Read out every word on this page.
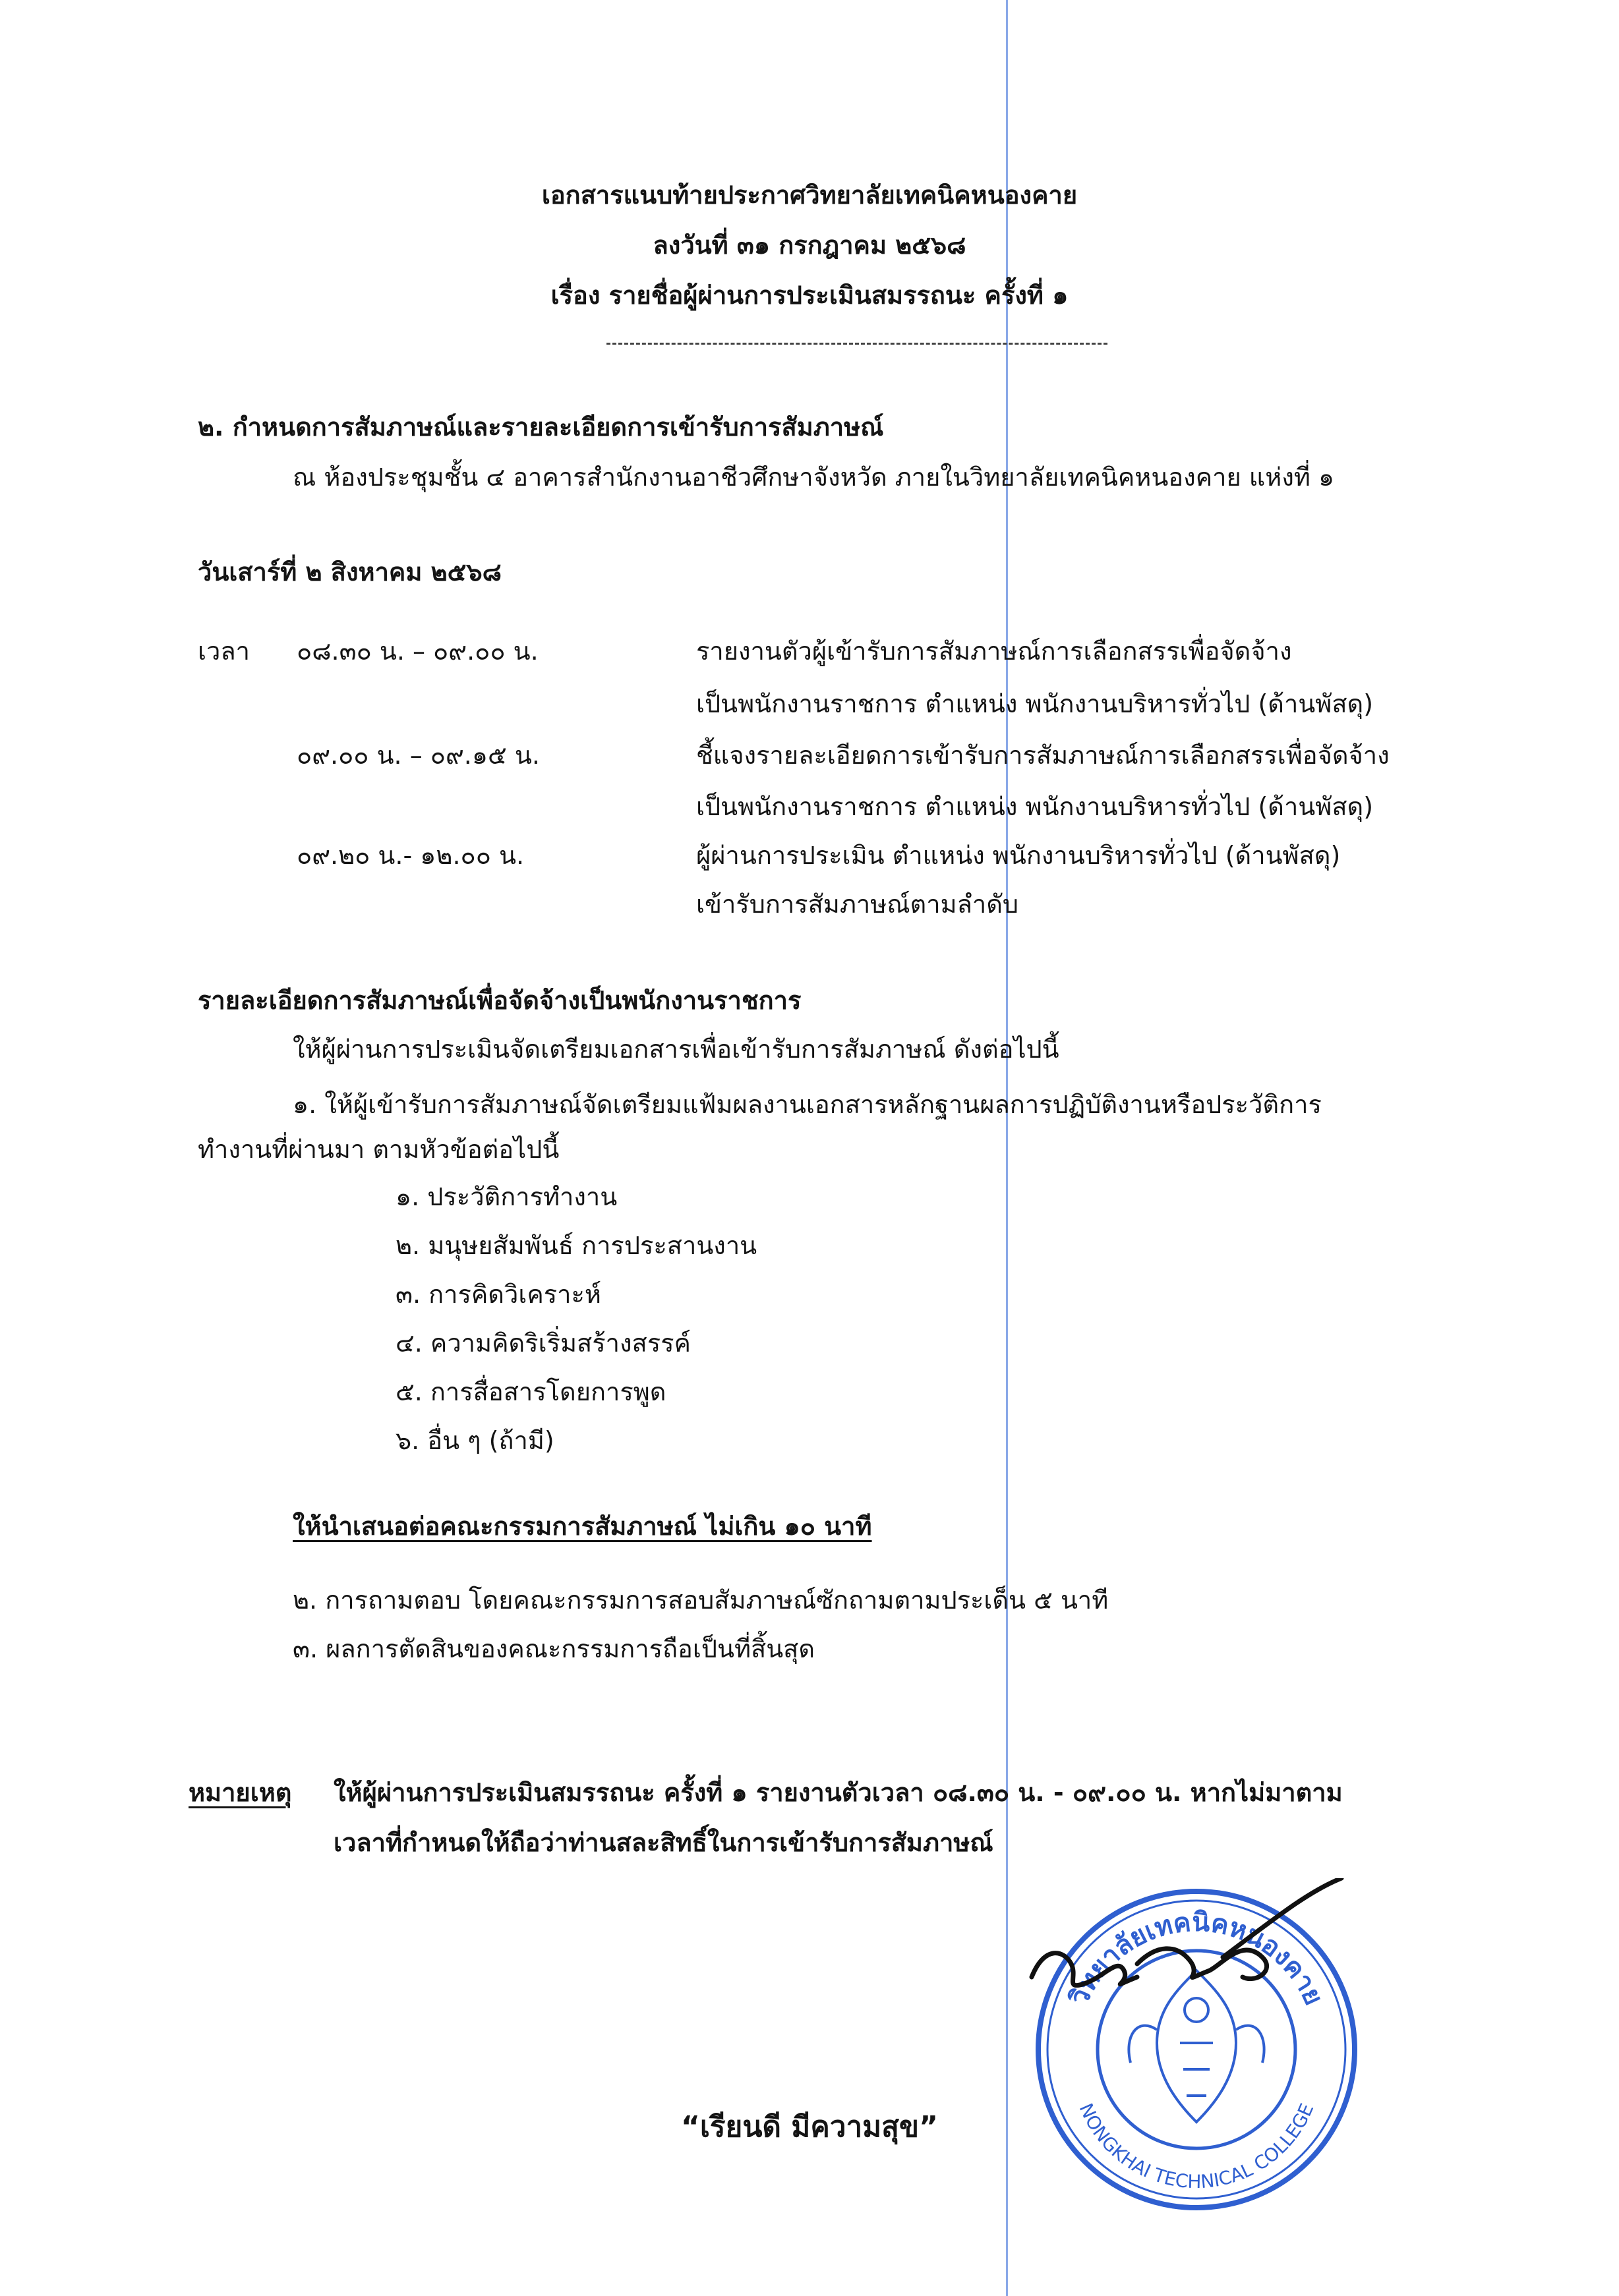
เอกสารแนบท้ายประกาศวิทยาลัยเทคนิคหนองคาย
ลงวันที่ ๓๑ กรกฎาคม ๒๕๖๘
เรื่อง รายชื่อผู้ผ่านการประเมินสมรรถนะ ครั้งที่ ๑
๒. กำหนดการสัมภาษณ์และรายละเอียดการเข้ารับการสัมภาษณ์
ณ ห้องประชุมชั้น ๔ อาคารสำนักงานอาชีวศึกษาจังหวัด ภายในวิทยาลัยเทคนิคหนองคาย แห่งที่ ๑
วันเสาร์ที่ ๒ สิงหาคม ๒๕๖๘
เวลา ๐๘.๓๐ น. – ๐๙.๐๐ น.	รายงานตัวผู้เข้ารับการสัมภาษณ์การเลือกสรรเพื่อจัดจ้าง
เป็นพนักงานราชการ ตำแหน่ง พนักงานบริหารทั่วไป (ด้านพัสดุ)
๐๙.๐๐ น. – ๐๙.๑๕ น.	ชี้แจงรายละเอียดการเข้ารับการสัมภาษณ์การเลือกสรรเพื่อจัดจ้าง
เป็นพนักงานราชการ ตำแหน่ง พนักงานบริหารทั่วไป (ด้านพัสดุ)
๐๙.๒๐ น.- ๑๒.๐๐ น.	ผู้ผ่านการประเมิน ตำแหน่ง พนักงานบริหารทั่วไป (ด้านพัสดุ)
เข้ารับการสัมภาษณ์ตามลำดับ
รายละเอียดการสัมภาษณ์เพื่อจัดจ้างเป็นพนักงานราชการ
ให้ผู้ผ่านการประเมินจัดเตรียมเอกสารเพื่อเข้ารับการสัมภาษณ์ ดังต่อไปนี้
๑. ให้ผู้เข้ารับการสัมภาษณ์จัดเตรียมแฟ้มผลงานเอกสารหลักฐานผลการปฏิบัติงานหรือประวัติการ
ทำงานที่ผ่านมา ตามหัวข้อต่อไปนี้
๑. ประวัติการทำงาน
๒. มนุษยสัมพันธ์ การประสานงาน
๓. การคิดวิเคราะห์
๔. ความคิดริเริ่มสร้างสรรค์
๕. การสื่อสารโดยการพูด
๖. อื่น ๆ (ถ้ามี)
ให้นำเสนอต่อคณะกรรมการสัมภาษณ์ ไม่เกิน ๑๐ นาที
๒. การถามตอบ โดยคณะกรรมการสอบสัมภาษณ์ซักถามตามประเด็น ๕ นาที
๓. ผลการตัดสินของคณะกรรมการถือเป็นที่สิ้นสุด
หมายเหตุ ให้ผู้ผ่านการประเมินสมรรถนะ ครั้งที่ ๑ รายงานตัวเวลา ๐๘.๓๐ น. - ๐๙.๐๐ น. หากไม่มาตาม
เวลาที่กำหนดให้ถือว่าท่านสละสิทธิ์ในการเข้ารับการสัมภาษณ์
วิทยาลัยเทคนิคหนองคาย
NONGKHAI TECHNICAL COLLEGE
“เรียนดี มีความสุข”
